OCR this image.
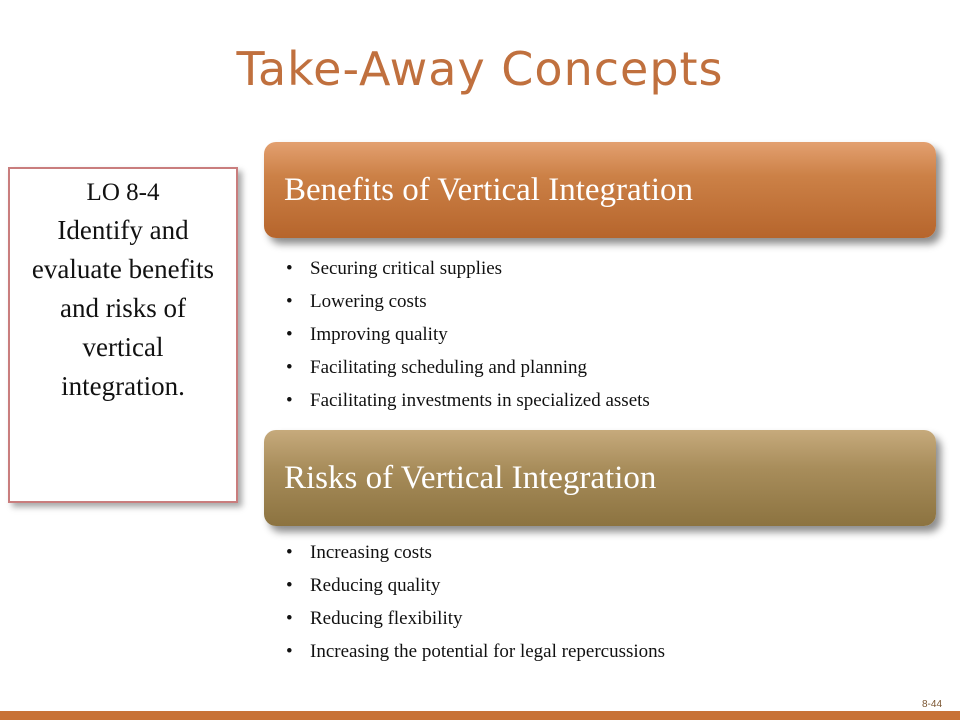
Take-Away Concepts
LO 8-4
Identify and evaluate benefits and risks of vertical integration.
Benefits of Vertical Integration
• Securing critical supplies
• Lowering costs
• Improving quality
• Facilitating scheduling and planning
• Facilitating investments in specialized assets
Risks of Vertical Integration
• Increasing costs
• Reducing quality
• Reducing flexibility
• Increasing the potential for legal repercussions
8-44
